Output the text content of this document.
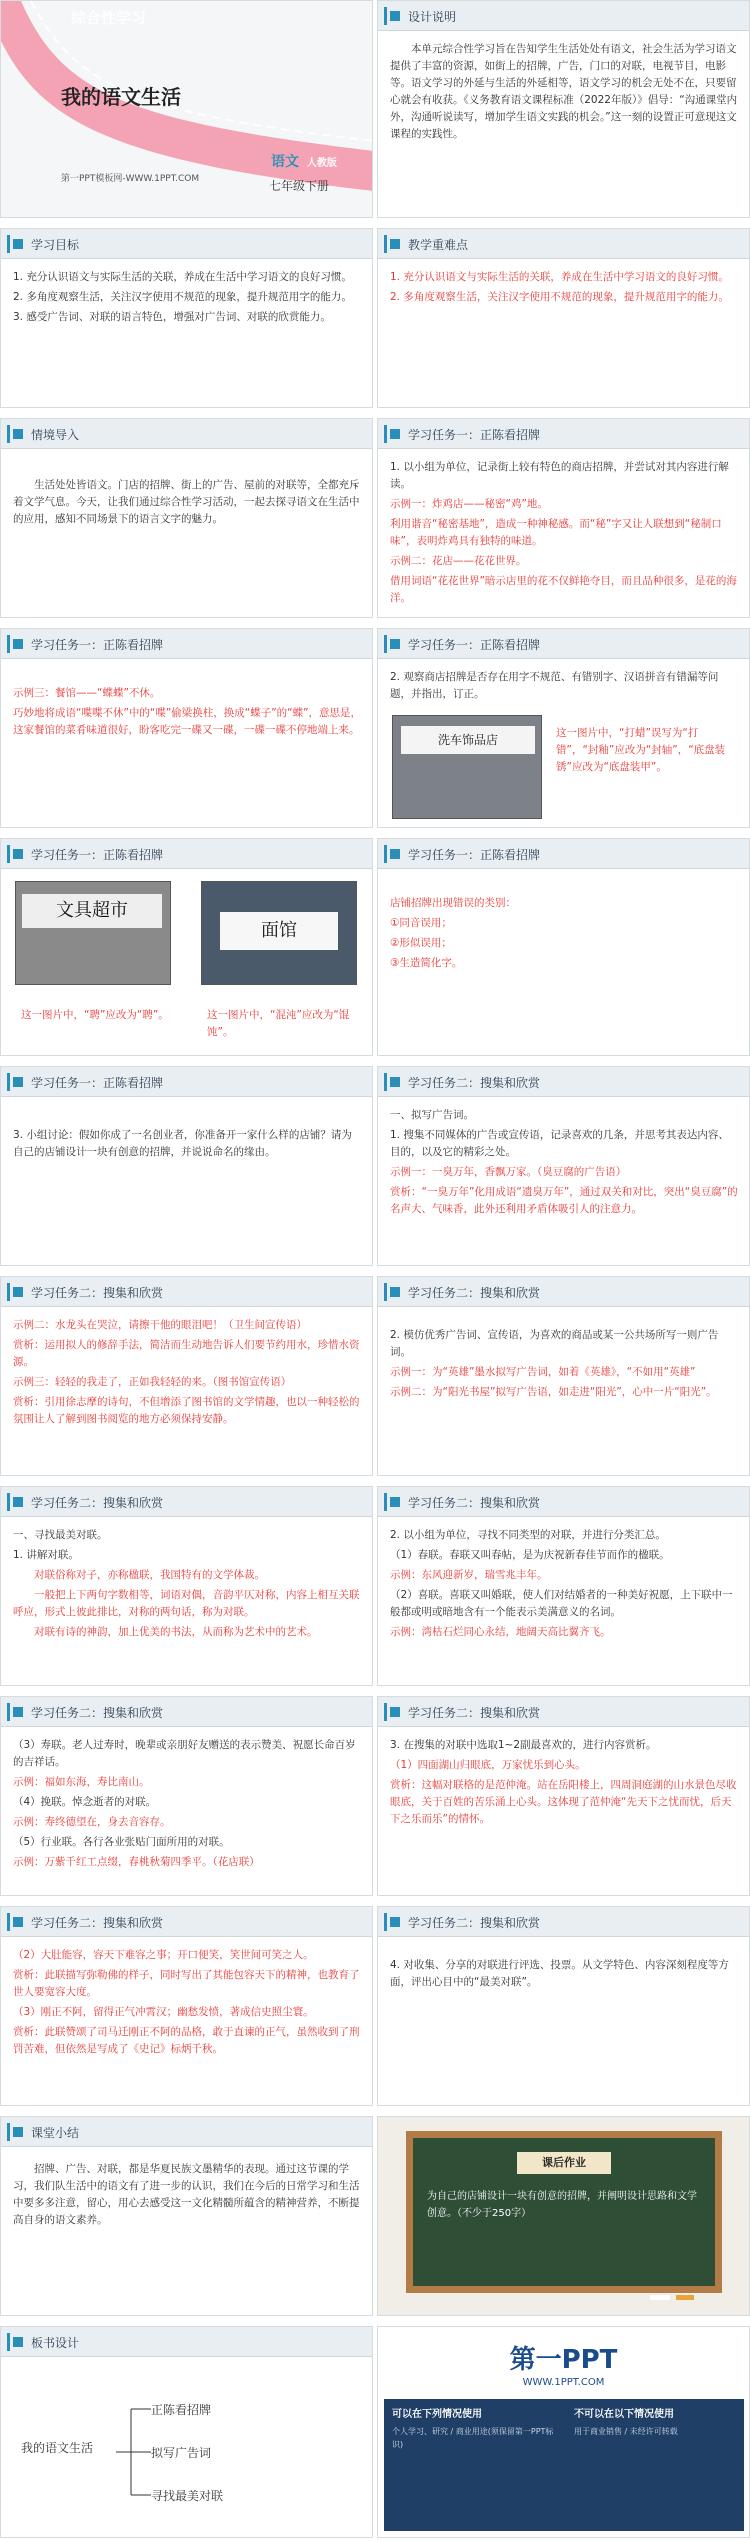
综合性学习
我的语文生活
第一PPT模板网-WWW.1PPT.COM
语文 人教版
七年级下册
设计说明

本单元综合性学习旨在告知学生生活处处有语文，社会生活为学习语文提供了丰富的资源，如街上的招牌，广告，门口的对联，电视节目，电影等。语文学习的外延与生活的外延相等，语文学习的机会无处不在，只要留心就会有收获。《义务教育语文课程标准（2022年版）》倡导：“沟通课堂内外，沟通听说读写，增加学生语文实践的机会。”这一刻的设置正可意现这文课程的实践性。

学习目标

1. 充分认识语文与实际生活的关联，养成在生活中学习语文的良好习惯。

2. 多角度观察生活，关注汉字使用不规范的现象，提升规范用字的能力。

3. 感受广告词、对联的语言特色，增强对广告词、对联的欣赏能力。

教学重难点

1. 充分认识语文与实际生活的关联，养成在生活中学习语文的良好习惯。

2. 多角度观察生活，关注汉字使用不规范的现象，提升规范用字的能力。

情境导入

生活处处皆语文。门店的招牌、街上的广告、屋前的对联等，全都充斥着文学气息。今天，让我们通过综合性学习活动，一起去探寻语文在生活中的应用，感知不同场景下的语言文字的魅力。

学习任务一：正陈看招牌

1. 以小组为单位，记录街上较有特色的商店招牌，并尝试对其内容进行解读。

示例一：炸鸡店——秘密“鸡”地。

利用谐音“秘密基地”，造成一种神秘感。而“秘”字又让人联想到“秘制口味”，表明炸鸡具有独特的味道。

示例二：花店——花花世界。

借用词语“花花世界”暗示店里的花不仅鲜艳夺目，而且品种很多，是花的海洋。

学习任务一：正陈看招牌

示例三：餐馆——“蝶蝶”不休。

巧妙地将成语“喋喋不休”中的“喋”偷梁换柱，换成“蝶子”的“蝶”，意思是，这家餐馆的菜肴味道很好，盼客吃完一碟又一碟，一碟一碟不停地端上来。

学习任务一：正陈看招牌

2. 观察商店招牌是否存在用字不规范、有错别字、汉语拼音有错漏等问题，并指出，订正。

洗车饰品店	这一图片中，“打蜡”误写为“打错”，“封釉”应改为“封轴”，“底盘装锈”应改为“底盘装甲”。
学习任务一：正陈看招牌
文具超市
面馆
这一图片中，“聘”应改为“聘”。	这一图片中，“混沌”应改为“馄饨”。
学习任务一：正陈看招牌

店铺招牌出现错误的类别：

①同音误用；

②形似误用；

③生造简化字。

学习任务一：正陈看招牌

3. 小组讨论：假如你成了一名创业者，你准备开一家什么样的店铺？请为自己的店铺设计一块有创意的招牌，并说说命名的缘由。

学习任务二：搜集和欣赏

一、拟写广告词。

1. 搜集不同媒体的广告或宣传语，记录喜欢的几条，并思考其表达内容、目的，以及它的精彩之处。

示例一：一臭万年，香飘万家。（臭豆腐的广告语）

赏析：“一臭万年”化用成语“遗臭万年”，通过双关和对比，突出“臭豆腐”的名声大、气味香，此外还利用矛盾体吸引人的注意力。

学习任务二：搜集和欣赏

示例二：水龙头在哭泣，请擦干他的眼泪吧！（卫生间宣传语）

赏析：运用拟人的修辞手法，简洁而生动地告诉人们要节约用水，珍惜水资源。

示例三：轻轻的我走了，正如我轻轻的来。（图书馆宣传语）

赏析：引用徐志摩的诗句，不但增添了图书馆的文学情趣，也以一种轻松的氛围让人了解到图书阅览的地方必须保持安静。

学习任务二：搜集和欣赏

2. 模仿优秀广告词、宣传语，为喜欢的商品或某一公共场所写一则广告词。

示例一：为“英雄”墨水拟写广告词，如着《英雄》，“不如用“英雄”

示例二：为“阳光书屋”拟写广告语，如走进“阳光”，心中一片“阳光”。

学习任务二：搜集和欣赏

一、寻找最美对联。

1. 讲解对联。

对联俗称对子，亦称楹联，我国特有的文学体裁。

一般把上下两句字数相等，词语对偶，音韵平仄对称，内容上相互关联呼应，形式上彼此排比，对称的两句话，称为对联。

对联有诗的神韵，加上优美的书法，从而称为艺术中的艺术。

学习任务二：搜集和欣赏

2. 以小组为单位，寻找不同类型的对联，并进行分类汇总。

（1）春联。春联又叫春帖，是为庆祝新春佳节而作的楹联。

示例：东风迎新岁，瑞雪兆丰年。

（2）喜联。喜联又叫婚联，使人们对结婚者的一种美好祝愿，上下联中一般都或明或暗地含有一个能表示美满意义的名词。

示例：湾枯石烂同心永结，地阔天高比翼齐飞。

学习任务二：搜集和欣赏

（3）寿联。老人过寿时，晚辈或亲朋好友赠送的表示赞美、祝愿长命百岁的吉祥话。

示例：福如东海，寿比南山。

（4）挽联。悼念逝者的对联。

示例：寿终德望在，身去音容存。

（5）行业联。各行各业张贴门面所用的对联。

示例：万紫千红工点缀，春桃秋菊四季平。（花店联）

学习任务二：搜集和欣赏

3. 在搜集的对联中选取1~2副最喜欢的，进行内容赏析。

（1）四面湖山归眼底，万家忧乐到心头。

赏析：这幅对联格的是范仲淹。站在岳阳楼上，四周洞庭湖的山水景色尽收眼底，关于百姓的苦乐涌上心头。这体现了范仲淹“先天下之忧而忧，后天下之乐而乐”的情怀。

学习任务二：搜集和欣赏

（2）大肚能容，容天下难容之事；开口便笑，笑世间可笑之人。

赏析：此联描写弥勒佛的样子，同时写出了其能包容天下的精神，也教育了世人要宽容大度。

（3）刚正不阿，留得正气冲霄汉；幽愁发愤，著成信史照尘寰。

赏析：此联赞颂了司马迁刚正不阿的品格，敢于直谏的正气，虽然收到了刑罚苦难，但依然是写成了《史记》标炳千秋。

学习任务二：搜集和欣赏

4. 对收集、分享的对联进行评选、投票。从文学特色、内容深刻程度等方面，评出心目中的“最美对联”。

课堂小结

招牌、广告、对联，都是华夏民族文墨精华的表现。通过这节课的学习，我们队生活中的语文有了进一步的认识，我们在今后的日常学习和生活中要多多注意，留心，用心去感受这一文化精髓所蕴含的精神营养，不断提高自身的语文素养。

课后作业
为自己的店铺设计一块有创意的招牌，并阐明设计思路和文学创意。（不少于250字）
板书设计
我的语文生活
正陈看招牌
拟写广告词
寻找最美对联
第一PPT
WWW.1PPT.COM
可以在下列情况使用	不可以在以下情况使用
个人学习、研究 / 商业用途(须保留第一PPT标识)
用于商业销售 / 未经许可转载
